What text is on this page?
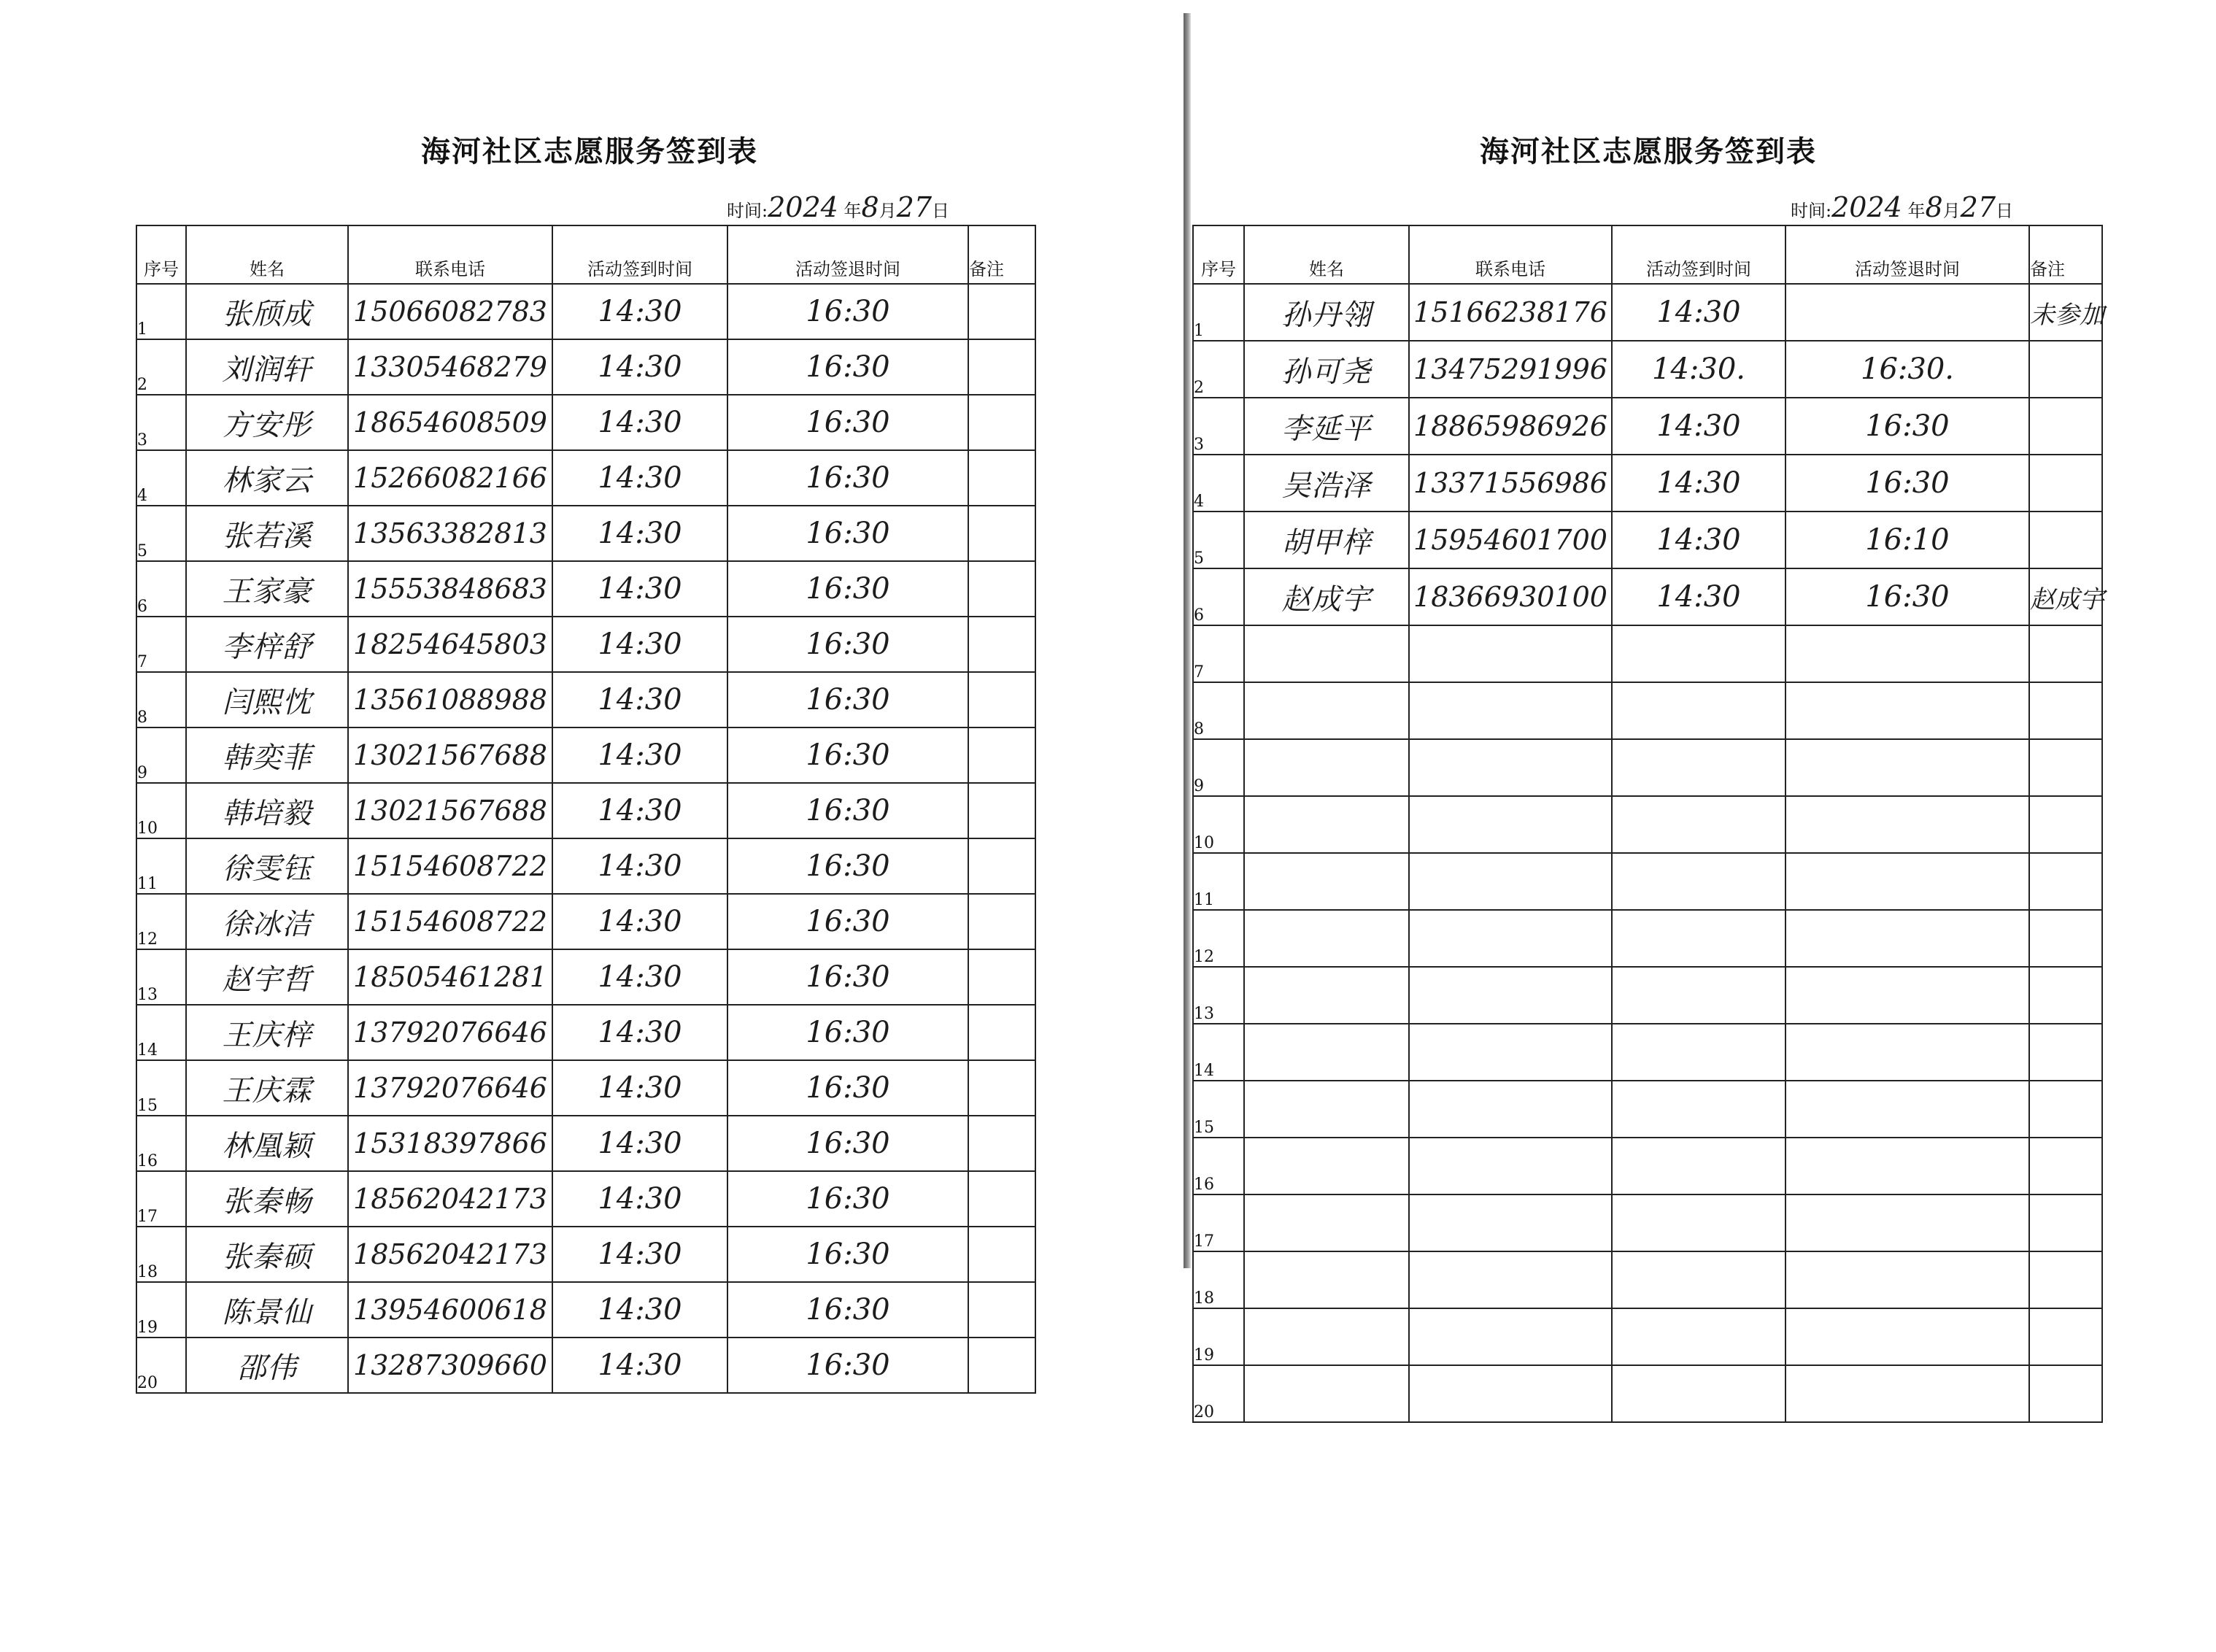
海河社区志愿服务签到表
时间:2024 年8月27日
序号	姓名	联系电话	活动签到时间	活动签退时间	备注
1	张颀成	15066082783	14:30	16:30	
2	刘润轩	13305468279	14:30	16:30	
3	方安彤	18654608509	14:30	16:30	
4	林家云	15266082166	14:30	16:30	
5	张若溪	13563382813	14:30	16:30	
6	王家豪	15553848683	14:30	16:30	
7	李梓舒	18254645803	14:30	16:30	
8	闫熙忱	13561088988	14:30	16:30	
9	韩奕菲	13021567688	14:30	16:30	
10	韩培毅	13021567688	14:30	16:30	
11	徐雯钰	15154608722	14:30	16:30	
12	徐冰洁	15154608722	14:30	16:30	
13	赵宇哲	18505461281	14:30	16:30	
14	王庆梓	13792076646	14:30	16:30	
15	王庆霖	13792076646	14:30	16:30	
16	林凰颖	15318397866	14:30	16:30	
17	张秦畅	18562042173	14:30	16:30	
18	张秦硕	18562042173	14:30	16:30	
19	陈景仙	13954600618	14:30	16:30	
20	邵伟	13287309660	14:30	16:30	
海河社区志愿服务签到表
时间:2024 年8月27日
序号	姓名	联系电话	活动签到时间	活动签退时间	备注
1	孙丹翎	15166238176	14:30		未参加
2	孙可尧	13475291996	14:30.	16:30.	
3	李延平	18865986926	14:30	16:30	
4	吴浩泽	13371556986	14:30	16:30	
5	胡甲梓	15954601700	14:30	16:10	
6	赵成宇	18366930100	14:30	16:30	赵成宇
7					
8					
9					
10					
11					
12					
13					
14					
15					
16					
17					
18					
19					
20					
